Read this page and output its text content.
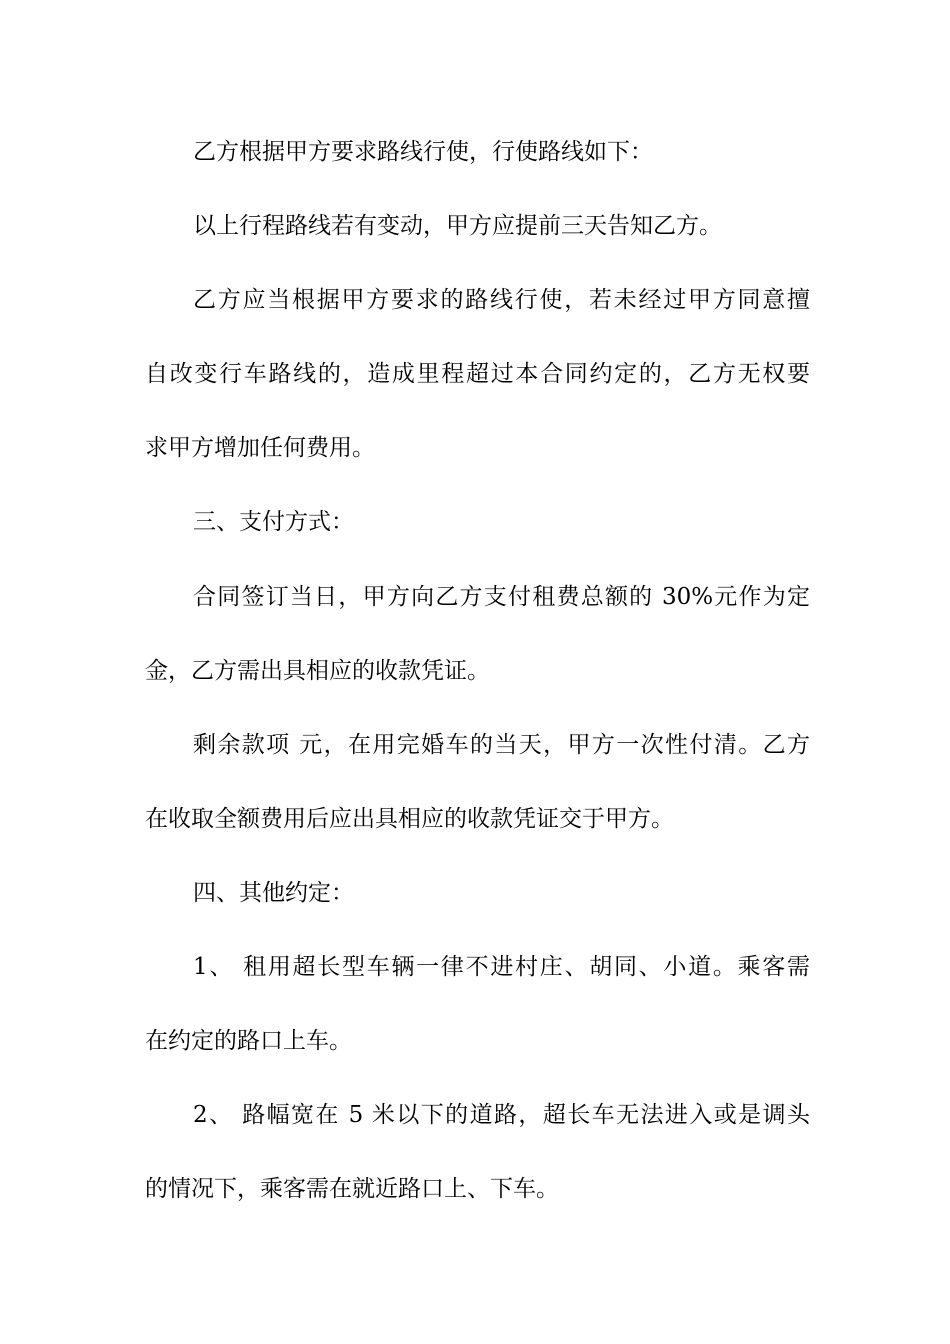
乙方根据甲方要求路线行使，行使路线如下：
以上行程路线若有变动，甲方应提前三天告知乙方。
乙方应当根据甲方要求的路线行使，若未经过甲方同意擅
自改变行车路线的，造成里程超过本合同约定的，乙方无权要
求甲方增加任何费用。
三、支付方式：
合同签订当日，甲方向乙方支付租费总额的 30%元作为定
金，乙方需出具相应的收款凭证。
剩余款项 元，在用完婚车的当天，甲方一次性付清。乙方
在收取全额费用后应出具相应的收款凭证交于甲方。
四、其他约定：
1、 租用超长型车辆一律不进村庄、胡同、小道。乘客需
在约定的路口上车。
2、 路幅宽在 5 米以下的道路，超长车无法进入或是调头
的情况下，乘客需在就近路口上、下车。
